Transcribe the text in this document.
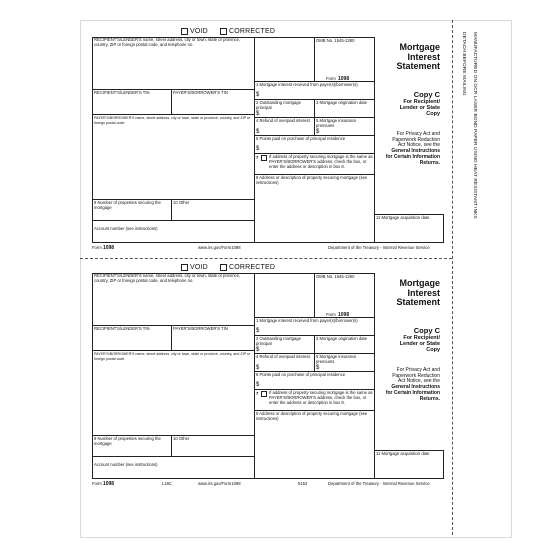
DETACH BEFORE MAILING MANUFACTURED ON OCR LASER BOND PAPER USING HEAT RESISTANT INKS
VOID	CORRECTED
RECIPIENT'S/LENDER'S name, street address, city or town, state or province, country, ZIP or foreign postal code, and telephone no.
RECIPIENT'S/LENDER'S TIN	PAYER'S/BORROWER'S TIN
PAYER'S/BORROWER'S name, street address, city or town, state or province, country, and ZIP or foreign postal code
9 Number of properties securing the mortgage
10 Other
Account number (see instructions)
OMB No. 1545-1380
Form 1098
1 Mortgage interest received from payer(s)/borrower(s)
$
2 Outstanding mortgage principal
$
3 Mortgage origination date
4 Refund of overpaid interest
$
5 Mortgage insurance premiums
$
6 Points paid on purchase of principal residence
$
7	If address of property securing mortgage is the same as PAYER'S/BORROWER'S address, check the box, or enter the address or description in box 8.
8 Address or description of property securing mortgage (see instructions)
11 Mortgage acquisition date
Mortgage
Interest
Statement
Copy C
For Recipient/ Lender or State Copy
For Privacy Act and Paperwork Reduction Act Notice, see the General Instructions for Certain Information Returns.
Form 1098	www.irs.gov/Form1098	Department of the Treasury - Internal Revenue Service
VOID	CORRECTED
RECIPIENT'S/LENDER'S name, street address, city or town, state or province, country, ZIP or foreign postal code, and telephone no.
RECIPIENT'S/LENDER'S TIN	PAYER'S/BORROWER'S TIN
PAYER'S/BORROWER'S name, street address, city or town, state or province, country, and ZIP or foreign postal code
9 Number of properties securing the mortgage
10 Other
Account number (see instructions)
OMB No. 1545-1380
Form 1098
1 Mortgage interest received from payer(s)/borrower(s)
$
2 Outstanding mortgage principal
$
3 Mortgage origination date
4 Refund of overpaid interest
$
5 Mortgage insurance premiums
$
6 Points paid on purchase of principal residence
$
7	If address of property securing mortgage is the same as PAYER'S/BORROWER'S address, check the box, or enter the address or description in box 8.
8 Address or description of property securing mortgage (see instructions)
11 Mortgage acquisition date
Mortgage
Interest
Statement
Copy C
For Recipient/ Lender or State Copy
For Privacy Act and Paperwork Reduction Act Notice, see the General Instructions for Certain Information Returns.
Form 1098	L18C	www.irs.gov/Form1098	5152	Department of the Treasury - Internal Revenue Service
